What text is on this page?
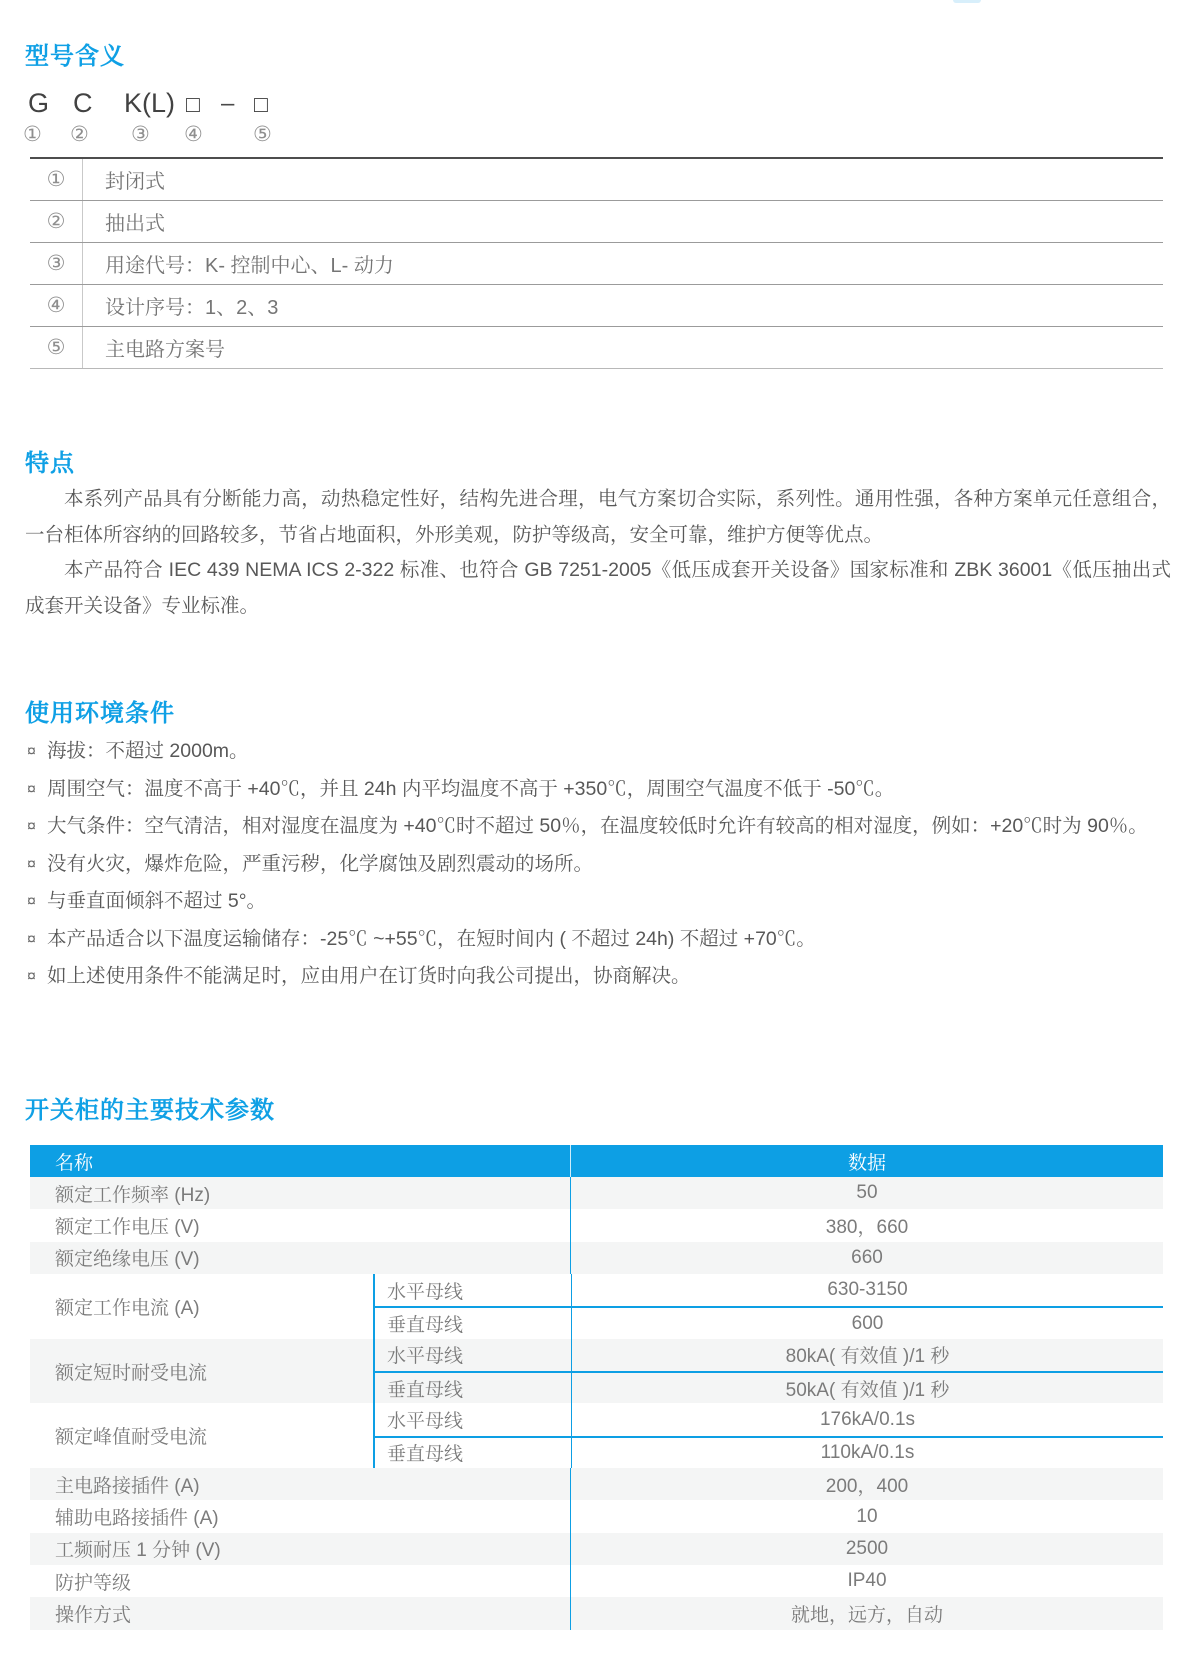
型号含义
G C K(L) □ – □
① ② ③ ④ ⑤
①	封闭式
②	抽出式
③	用途代号：K- 控制中心、L- 动力
④	设计序号：1、2、3
⑤	主电路方案号
特点

本系列产品具有分断能力高，动热稳定性好，结构先进合理，电气方案切合实际，系列性。通用性强，各种方案单元任意组合，一台柜体所容纳的回路较多，节省占地面积，外形美观，防护等级高，安全可靠，维护方便等优点。

本产品符合 IEC 439 NEMA ICS 2-322 标准、也符合 GB 7251-2005《低压成套开关设备》国家标准和 ZBK 36001《低压抽出式成套开关设备》专业标准。

使用环境条件
¤ 海拔：不超过 2000m。
¤ 周围空气：温度不高于 +40℃，并且 24h 内平均温度不高于 +350℃，周围空气温度不低于 -50℃。
¤ 大气条件：空气清洁，相对湿度在温度为 +40℃时不超过 50％，在温度较低时允许有较高的相对湿度，例如：+20℃时为 90％。
¤ 没有火灾，爆炸危险，严重污秽，化学腐蚀及剧烈震动的场所。
¤ 与垂直面倾斜不超过 5°。
¤ 本产品适合以下温度运输储存：-25℃ ~+55℃，在短时间内 ( 不超过 24h) 不超过 +70℃。
¤ 如上述使用条件不能满足时，应由用户在订货时向我公司提出，协商解决。
开关柜的主要技术参数
名称	数据
额定工作频率 (Hz)	50
额定工作电压 (V)	380，660
额定绝缘电压 (V)	660
额定工作电流 (A)
水平母线	630-3150
垂直母线	600
额定短时耐受电流
水平母线	80kA( 有效值 )/1 秒
垂直母线	50kA( 有效值 )/1 秒
额定峰值耐受电流
水平母线	176kA/0.1s
垂直母线	110kA/0.1s
主电路接插件 (A)	200，400
辅助电路接插件 (A)	10
工频耐压 1 分钟 (V)	2500
防护等级	IP40
操作方式	就地，远方，自动
